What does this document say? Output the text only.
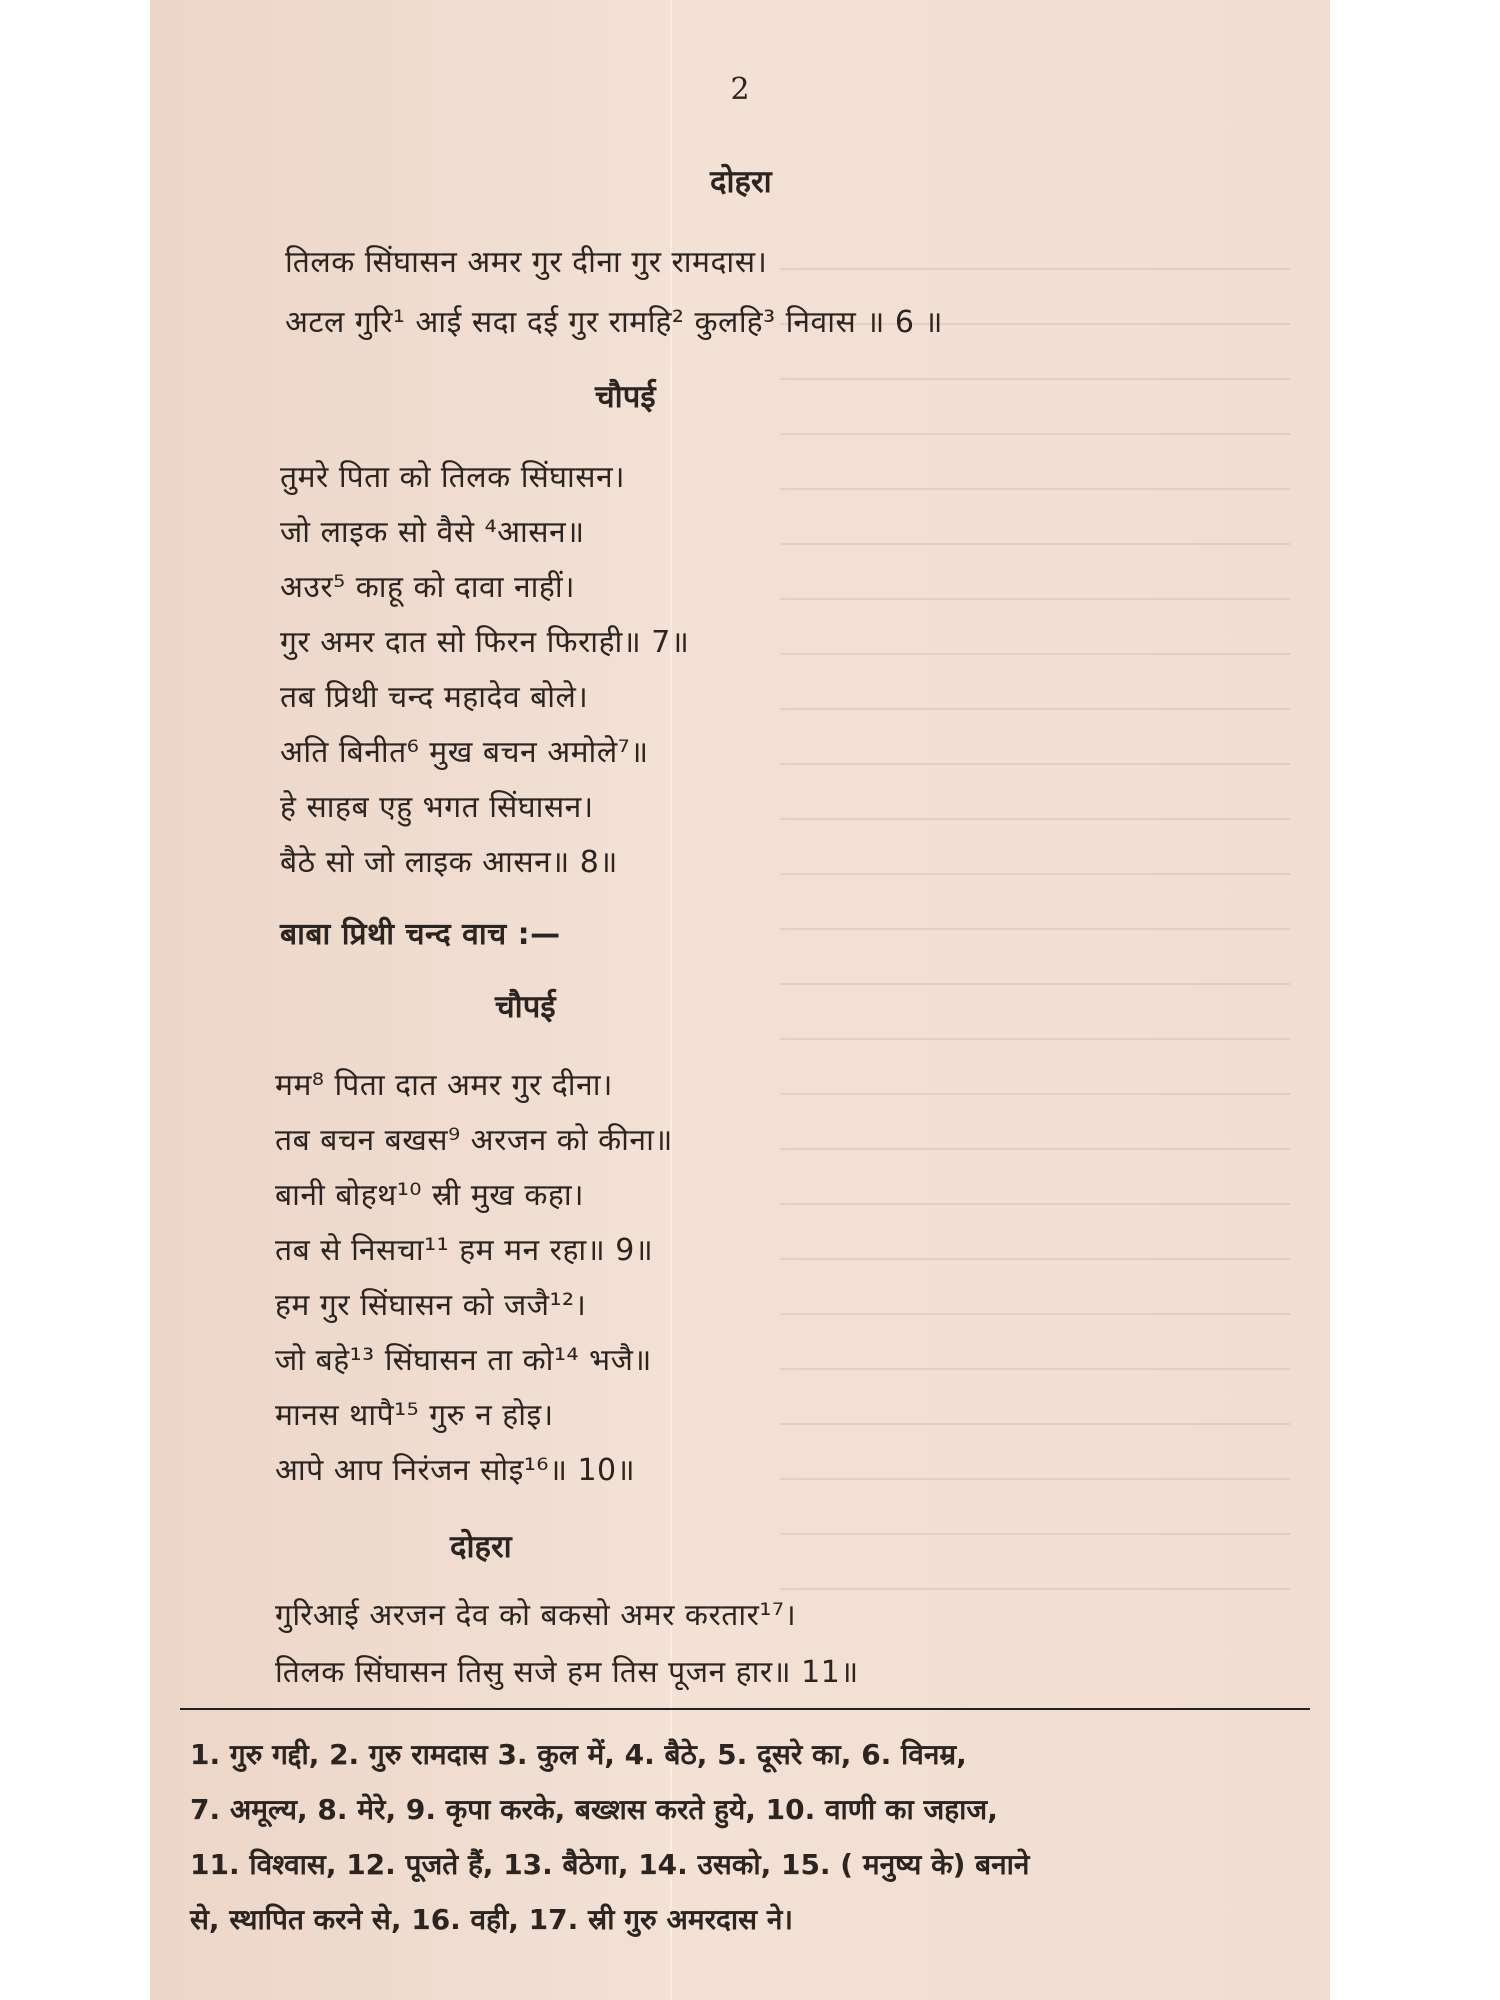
2
दोहरा
तिलक सिंघासन अमर गुर दीना गुर रामदास।
अटल गुरि¹ आई सदा दई गुर रामहि² कुलहि³ निवास ॥ 6 ॥
चौपई
तुमरे पिता को तिलक सिंघासन।
जो लाइक सो वैसे ⁴आसन॥
अउर⁵ काहू को दावा नाहीं।
गुर अमर दात सो फिरन फिराही॥ 7॥
तब प्रिथी चन्द महादेव बोले।
अति बिनीत⁶ मुख बचन अमोले⁷॥
हे साहब एहु भगत सिंघासन।
बैठे सो जो लाइक आसन॥ 8॥
बाबा प्रिथी चन्द वाच :—
चौपई
मम⁸ पिता दात अमर गुर दीना।
तब बचन बखस⁹ अरजन को कीना॥
बानी बोहथ¹⁰ स्री मुख कहा।
तब से निसचा¹¹ हम मन रहा॥ 9॥
हम गुर सिंघासन को जजै¹²।
जो बहे¹³ सिंघासन ता को¹⁴ भजै॥
मानस थापै¹⁵ गुरु न होइ।
आपे आप निरंजन सोइ¹⁶॥ 10॥
दोहरा
गुरिआई अरजन देव को बकसो अमर करतार¹⁷।
तिलक सिंघासन तिसु सजे हम तिस पूजन हार॥ 11॥
1. गुरु गद्दी, 2. गुरु रामदास 3. कुल में, 4. बैठे, 5. दूसरे का, 6. विनम्र,
7. अमूल्य, 8. मेरे, 9. कृपा करके, बख्शस करते हुये, 10. वाणी का जहाज,
11. विश्वास, 12. पूजते हैं, 13. बैठेगा, 14. उसको, 15. ( मनुष्य के) बनाने
से, स्थापित करने से, 16. वही, 17. स्री गुरु अमरदास ने।
